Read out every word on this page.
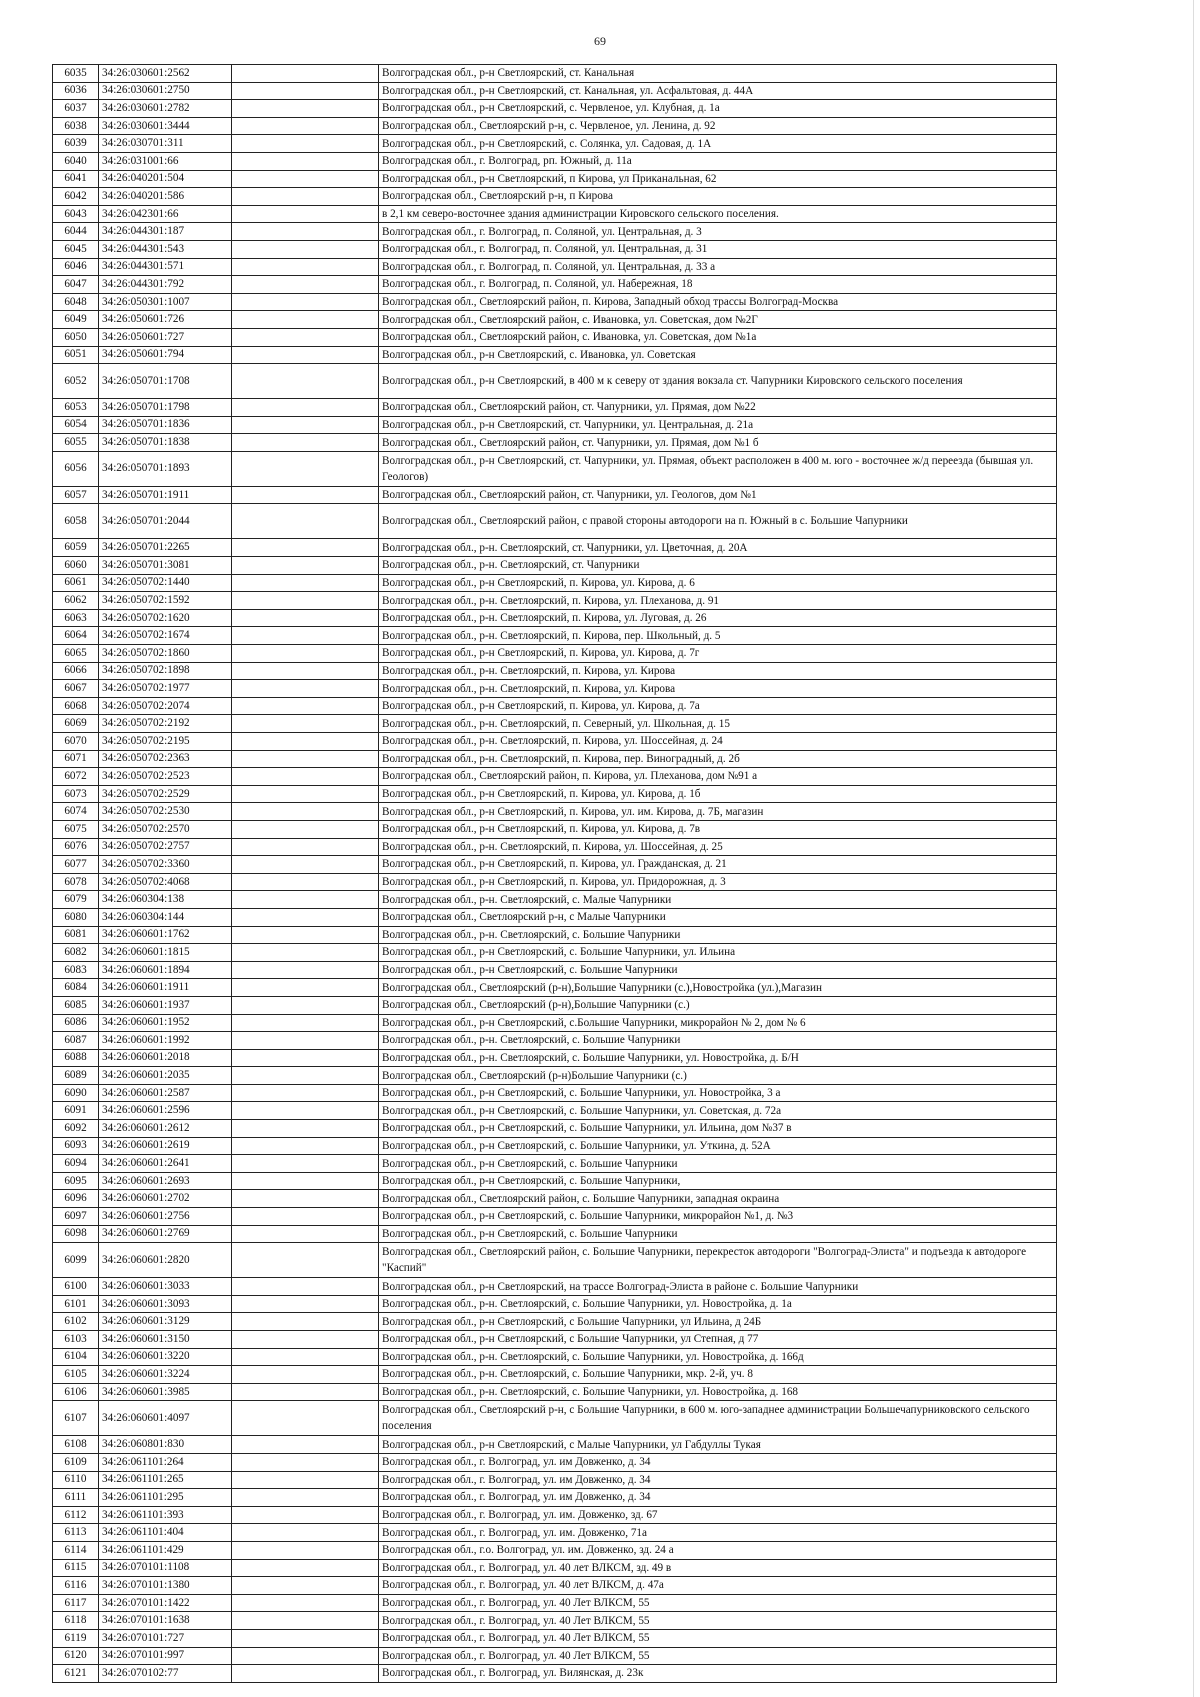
69
6035	34:26:030601:2562		Волгоградская обл., р-н Светлоярский, ст. Канальная
6036	34:26:030601:2750		Волгоградская обл., р-н Светлоярский, ст. Канальная, ул. Асфальтовая, д. 44А
6037	34:26:030601:2782		Волгоградская обл., р-н Светлоярский, с. Червленое, ул. Клубная, д. 1а
6038	34:26:030601:3444		Волгоградская обл., Светлоярский р-н, с. Червленое, ул. Ленина, д. 92
6039	34:26:030701:311		Волгоградская обл., р-н Светлоярский, с. Солянка, ул. Садовая, д. 1А
6040	34:26:031001:66		Волгоградская обл., г. Волгоград, рп. Южный, д. 11а
6041	34:26:040201:504		Волгоградская обл., р-н Светлоярский, п Кирова, ул Приканальная, 62
6042	34:26:040201:586		Волгоградская обл., Светлоярский р-н, п Кирова
6043	34:26:042301:66		в 2,1 км северо-восточнее здания администрации Кировского сельского поселения.
6044	34:26:044301:187		Волгоградская обл., г. Волгоград, п. Соляной, ул. Центральная, д. 3
6045	34:26:044301:543		Волгоградская обл., г. Волгоград, п. Соляной, ул. Центральная, д. 31
6046	34:26:044301:571		Волгоградская обл., г. Волгоград, п. Соляной, ул. Центральная, д. 33 а
6047	34:26:044301:792		Волгоградская обл., г. Волгоград, п. Соляной, ул. Набережная, 18
6048	34:26:050301:1007		Волгоградская обл., Светлоярский район, п. Кирова, Западный обход трассы Волгоград-Москва
6049	34:26:050601:726		Волгоградская обл., Светлоярский район, с. Ивановка, ул. Советская, дом №2Г
6050	34:26:050601:727		Волгоградская обл., Светлоярский район, с. Ивановка, ул. Советская, дом №1а
6051	34:26:050601:794		Волгоградская обл., р-н Светлоярский, с. Ивановка, ул. Советская
6052	34:26:050701:1708		Волгоградская обл., р-н Светлоярский, в 400 м к северу от здания вокзала ст. Чапурники Кировского сельского поселения
6053	34:26:050701:1798		Волгоградская обл., Светлоярский район, ст. Чапурники, ул. Прямая, дом №22
6054	34:26:050701:1836		Волгоградская обл., р-н Светлоярский, ст. Чапурники, ул. Центральная, д. 21а
6055	34:26:050701:1838		Волгоградская обл., Светлоярский район, ст. Чапурники, ул. Прямая, дом №1 б
6056	34:26:050701:1893		Волгоградская обл., р-н Светлоярский, ст. Чапурники, ул. Прямая, объект расположен в 400 м. юго - восточнее ж/д переезда (бывшая ул. Геологов)
6057	34:26:050701:1911		Волгоградская обл., Светлоярский район, ст. Чапурники, ул. Геологов, дом №1
6058	34:26:050701:2044		Волгоградская обл., Светлоярский район, с правой стороны автодороги на п. Южный в с. Большие Чапурники
6059	34:26:050701:2265		Волгоградская обл., р-н. Светлоярский, ст. Чапурники, ул. Цветочная, д. 20А
6060	34:26:050701:3081		Волгоградская обл., р-н. Светлоярский, ст. Чапурники
6061	34:26:050702:1440		Волгоградская обл., р-н Светлоярский, п. Кирова, ул. Кирова, д. 6
6062	34:26:050702:1592		Волгоградская обл., р-н. Светлоярский, п. Кирова, ул. Плеханова, д. 91
6063	34:26:050702:1620		Волгоградская обл., р-н. Светлоярский, п. Кирова, ул. Луговая, д. 26
6064	34:26:050702:1674		Волгоградская обл., р-н. Светлоярский, п. Кирова, пер. Школьный, д. 5
6065	34:26:050702:1860		Волгоградская обл., р-н Светлоярский, п. Кирова, ул. Кирова, д. 7г
6066	34:26:050702:1898		Волгоградская обл., р-н. Светлоярский, п. Кирова, ул. Кирова
6067	34:26:050702:1977		Волгоградская обл., р-н. Светлоярский, п. Кирова, ул. Кирова
6068	34:26:050702:2074		Волгоградская обл., р-н Светлоярский, п. Кирова, ул. Кирова, д. 7а
6069	34:26:050702:2192		Волгоградская обл., р-н. Светлоярский, п. Северный, ул. Школьная, д. 15
6070	34:26:050702:2195		Волгоградская обл., р-н. Светлоярский, п. Кирова, ул. Шоссейная, д. 24
6071	34:26:050702:2363		Волгоградская обл., р-н. Светлоярский, п. Кирова, пер. Виноградный, д. 2б
6072	34:26:050702:2523		Волгоградская обл., Светлоярский район, п. Кирова, ул. Плеханова, дом №91 а
6073	34:26:050702:2529		Волгоградская обл., р-н Светлоярский, п. Кирова, ул. Кирова, д. 1б
6074	34:26:050702:2530		Волгоградская обл., р-н Светлоярский, п. Кирова, ул. им. Кирова, д. 7Б, магазин
6075	34:26:050702:2570		Волгоградская обл., р-н Светлоярский, п. Кирова, ул. Кирова, д. 7в
6076	34:26:050702:2757		Волгоградская обл., р-н. Светлоярский, п. Кирова, ул. Шоссейная, д. 25
6077	34:26:050702:3360		Волгоградская обл., р-н Светлоярский, п. Кирова, ул. Гражданская, д. 21
6078	34:26:050702:4068		Волгоградская обл., р-н Светлоярский, п. Кирова, ул. Придорожная, д. 3
6079	34:26:060304:138		Волгоградская обл., р-н. Светлоярский, с. Малые Чапурники
6080	34:26:060304:144		Волгоградская обл., Светлоярский р-н, с Малые Чапурники
6081	34:26:060601:1762		Волгоградская обл., р-н. Светлоярский, с. Большие Чапурники
6082	34:26:060601:1815		Волгоградская обл., р-н Светлоярский, с. Большие Чапурники, ул. Ильина
6083	34:26:060601:1894		Волгоградская обл., р-н Светлоярский, с. Большие Чапурники
6084	34:26:060601:1911		Волгоградская обл., Светлоярский (р-н),Большие Чапурники (с.),Новостройка (ул.),Магазин
6085	34:26:060601:1937		Волгоградская обл., Светлоярский (р-н),Большие Чапурники (с.)
6086	34:26:060601:1952		Волгоградская обл., р-н Светлоярский, с.Большие Чапурники, микрорайон № 2, дом № 6
6087	34:26:060601:1992		Волгоградская обл., р-н. Светлоярский, с. Большие Чапурники
6088	34:26:060601:2018		Волгоградская обл., р-н. Светлоярский, с. Большие Чапурники, ул. Новостройка, д. Б/Н
6089	34:26:060601:2035		Волгоградская обл., Светлоярский (р-н)Большие Чапурники (с.)
6090	34:26:060601:2587		Волгоградская обл., р-н Светлоярский, с. Большие Чапурники, ул. Новостройка, 3 а
6091	34:26:060601:2596		Волгоградская обл., р-н Светлоярский, с. Большие Чапурники, ул. Советская, д. 72а
6092	34:26:060601:2612		Волгоградская обл., р-н Светлоярский, с. Большие Чапурники, ул. Ильина, дом №37 в
6093	34:26:060601:2619		Волгоградская обл., р-н Светлоярский, с. Большие Чапурники, ул. Уткина, д. 52А
6094	34:26:060601:2641		Волгоградская обл., р-н Светлоярский, с. Большие Чапурники
6095	34:26:060601:2693		Волгоградская обл., р-н Светлоярский, с. Большие Чапурники,
6096	34:26:060601:2702		Волгоградская обл., Светлоярский район, с. Большие Чапурники, западная окраина
6097	34:26:060601:2756		Волгоградская обл., р-н Светлоярский, с. Большие Чапурники, микрорайон №1, д. №3
6098	34:26:060601:2769		Волгоградская обл., р-н Светлоярский, с. Большие Чапурники
6099	34:26:060601:2820		Волгоградская обл., Светлоярский район, с. Большие Чапурники, перекресток автодороги "Волгоград-Элиста" и подъезда к автодороге "Каспий"
6100	34:26:060601:3033		Волгоградская обл., р-н Светлоярский, на трассе Волгоград-Элиста в районе с. Большие Чапурники
6101	34:26:060601:3093		Волгоградская обл., р-н. Светлоярский, с. Большие Чапурники, ул. Новостройка, д. 1а
6102	34:26:060601:3129		Волгоградская обл., р-н Светлоярский, с Большие Чапурники, ул Ильина, д 24Б
6103	34:26:060601:3150		Волгоградская обл., р-н Светлоярский, с Большие Чапурники, ул Степная, д 77
6104	34:26:060601:3220		Волгоградская обл., р-н. Светлоярский, с. Большие Чапурники, ул. Новостройка, д. 166д
6105	34:26:060601:3224		Волгоградская обл., р-н. Светлоярский, с. Большие Чапурники, мкр. 2-й, уч. 8
6106	34:26:060601:3985		Волгоградская обл., р-н. Светлоярский, с. Большие Чапурники, ул. Новостройка, д. 168
6107	34:26:060601:4097		Волгоградская обл., Светлоярский р-н, с Большие Чапурники, в 600 м. юго-западнее администрации Большечапурниковского сельского поселения
6108	34:26:060801:830		Волгоградская обл., р-н Светлоярский, с Малые Чапурники, ул Габдуллы Тукая
6109	34:26:061101:264		Волгоградская обл., г. Волгоград, ул. им Довженко, д. 34
6110	34:26:061101:265		Волгоградская обл., г. Волгоград, ул. им Довженко, д. 34
6111	34:26:061101:295		Волгоградская обл., г. Волгоград, ул. им Довженко, д. 34
6112	34:26:061101:393		Волгоградская обл., г. Волгоград, ул. им. Довженко, зд. 67
6113	34:26:061101:404		Волгоградская обл., г. Волгоград, ул. им. Довженко, 71а
6114	34:26:061101:429		Волгоградская обл., г.о. Волгоград, ул. им. Довженко, зд. 24 а
6115	34:26:070101:1108		Волгоградская обл., г. Волгоград, ул. 40 лет ВЛКСМ, зд. 49 в
6116	34:26:070101:1380		Волгоградская обл., г. Волгоград, ул. 40 лет ВЛКСМ, д. 47а
6117	34:26:070101:1422		Волгоградская обл., г. Волгоград, ул. 40 Лет ВЛКСМ, 55
6118	34:26:070101:1638		Волгоградская обл., г. Волгоград, ул. 40 Лет ВЛКСМ, 55
6119	34:26:070101:727		Волгоградская обл., г. Волгоград, ул. 40 Лет ВЛКСМ, 55
6120	34:26:070101:997		Волгоградская обл., г. Волгоград, ул. 40 Лет ВЛКСМ, 55
6121	34:26:070102:77		Волгоградская обл., г. Волгоград, ул. Вилянская, д. 23к
